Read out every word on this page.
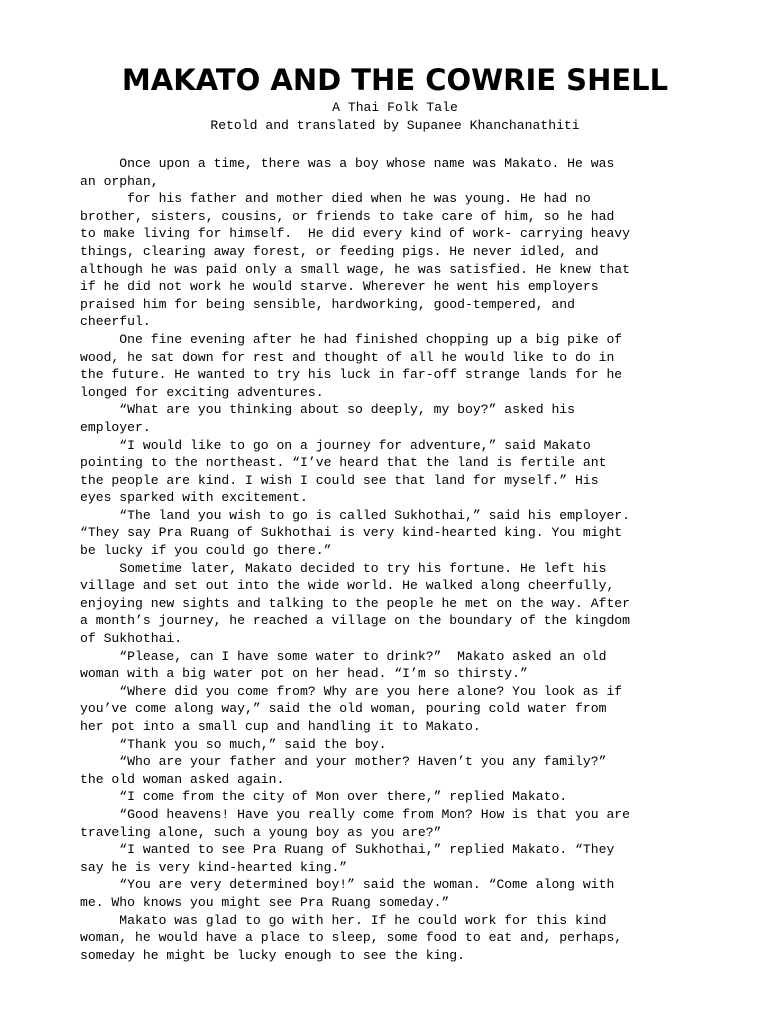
MAKATO AND THE COWRIE SHELL
A Thai Folk Tale
Retold and translated by Supanee Khanchanathiti
Once upon a time, there was a boy whose name was Makato. He was
an orphan,
for his father and mother died when he was young. He had no
brother, sisters, cousins, or friends to take care of him, so he had
to make living for himself.  He did every kind of work- carrying heavy
things, clearing away forest, or feeding pigs. He never idled, and
although he was paid only a small wage, he was satisfied. He knew that
if he did not work he would starve. Wherever he went his employers
praised him for being sensible, hardworking, good-tempered, and
cheerful.
One fine evening after he had finished chopping up a big pike of
wood, he sat down for rest and thought of all he would like to do in
the future. He wanted to try his luck in far-off strange lands for he
longed for exciting adventures.
“What are you thinking about so deeply, my boy?” asked his
employer.
“I would like to go on a journey for adventure,” said Makato
pointing to the northeast. “I’ve heard that the land is fertile ant
the people are kind. I wish I could see that land for myself.” His
eyes sparked with excitement.
“The land you wish to go is called Sukhothai,” said his employer.
“They say Pra Ruang of Sukhothai is very kind-hearted king. You might
be lucky if you could go there.”
Sometime later, Makato decided to try his fortune. He left his
village and set out into the wide world. He walked along cheerfully,
enjoying new sights and talking to the people he met on the way. After
a month’s journey, he reached a village on the boundary of the kingdom
of Sukhothai.
“Please, can I have some water to drink?”  Makato asked an old
woman with a big water pot on her head. “I’m so thirsty.”
“Where did you come from? Why are you here alone? You look as if
you’ve come along way,” said the old woman, pouring cold water from
her pot into a small cup and handling it to Makato.
“Thank you so much,” said the boy.
“Who are your father and your mother? Haven’t you any family?”
the old woman asked again.
“I come from the city of Mon over there,” replied Makato.
“Good heavens! Have you really come from Mon? How is that you are
traveling alone, such a young boy as you are?”
“I wanted to see Pra Ruang of Sukhothai,” replied Makato. “They
say he is very kind-hearted king.”
“You are very determined boy!” said the woman. “Come along with
me. Who knows you might see Pra Ruang someday.”
Makato was glad to go with her. If he could work for this kind
woman, he would have a place to sleep, some food to eat and, perhaps,
someday he might be lucky enough to see the king.
